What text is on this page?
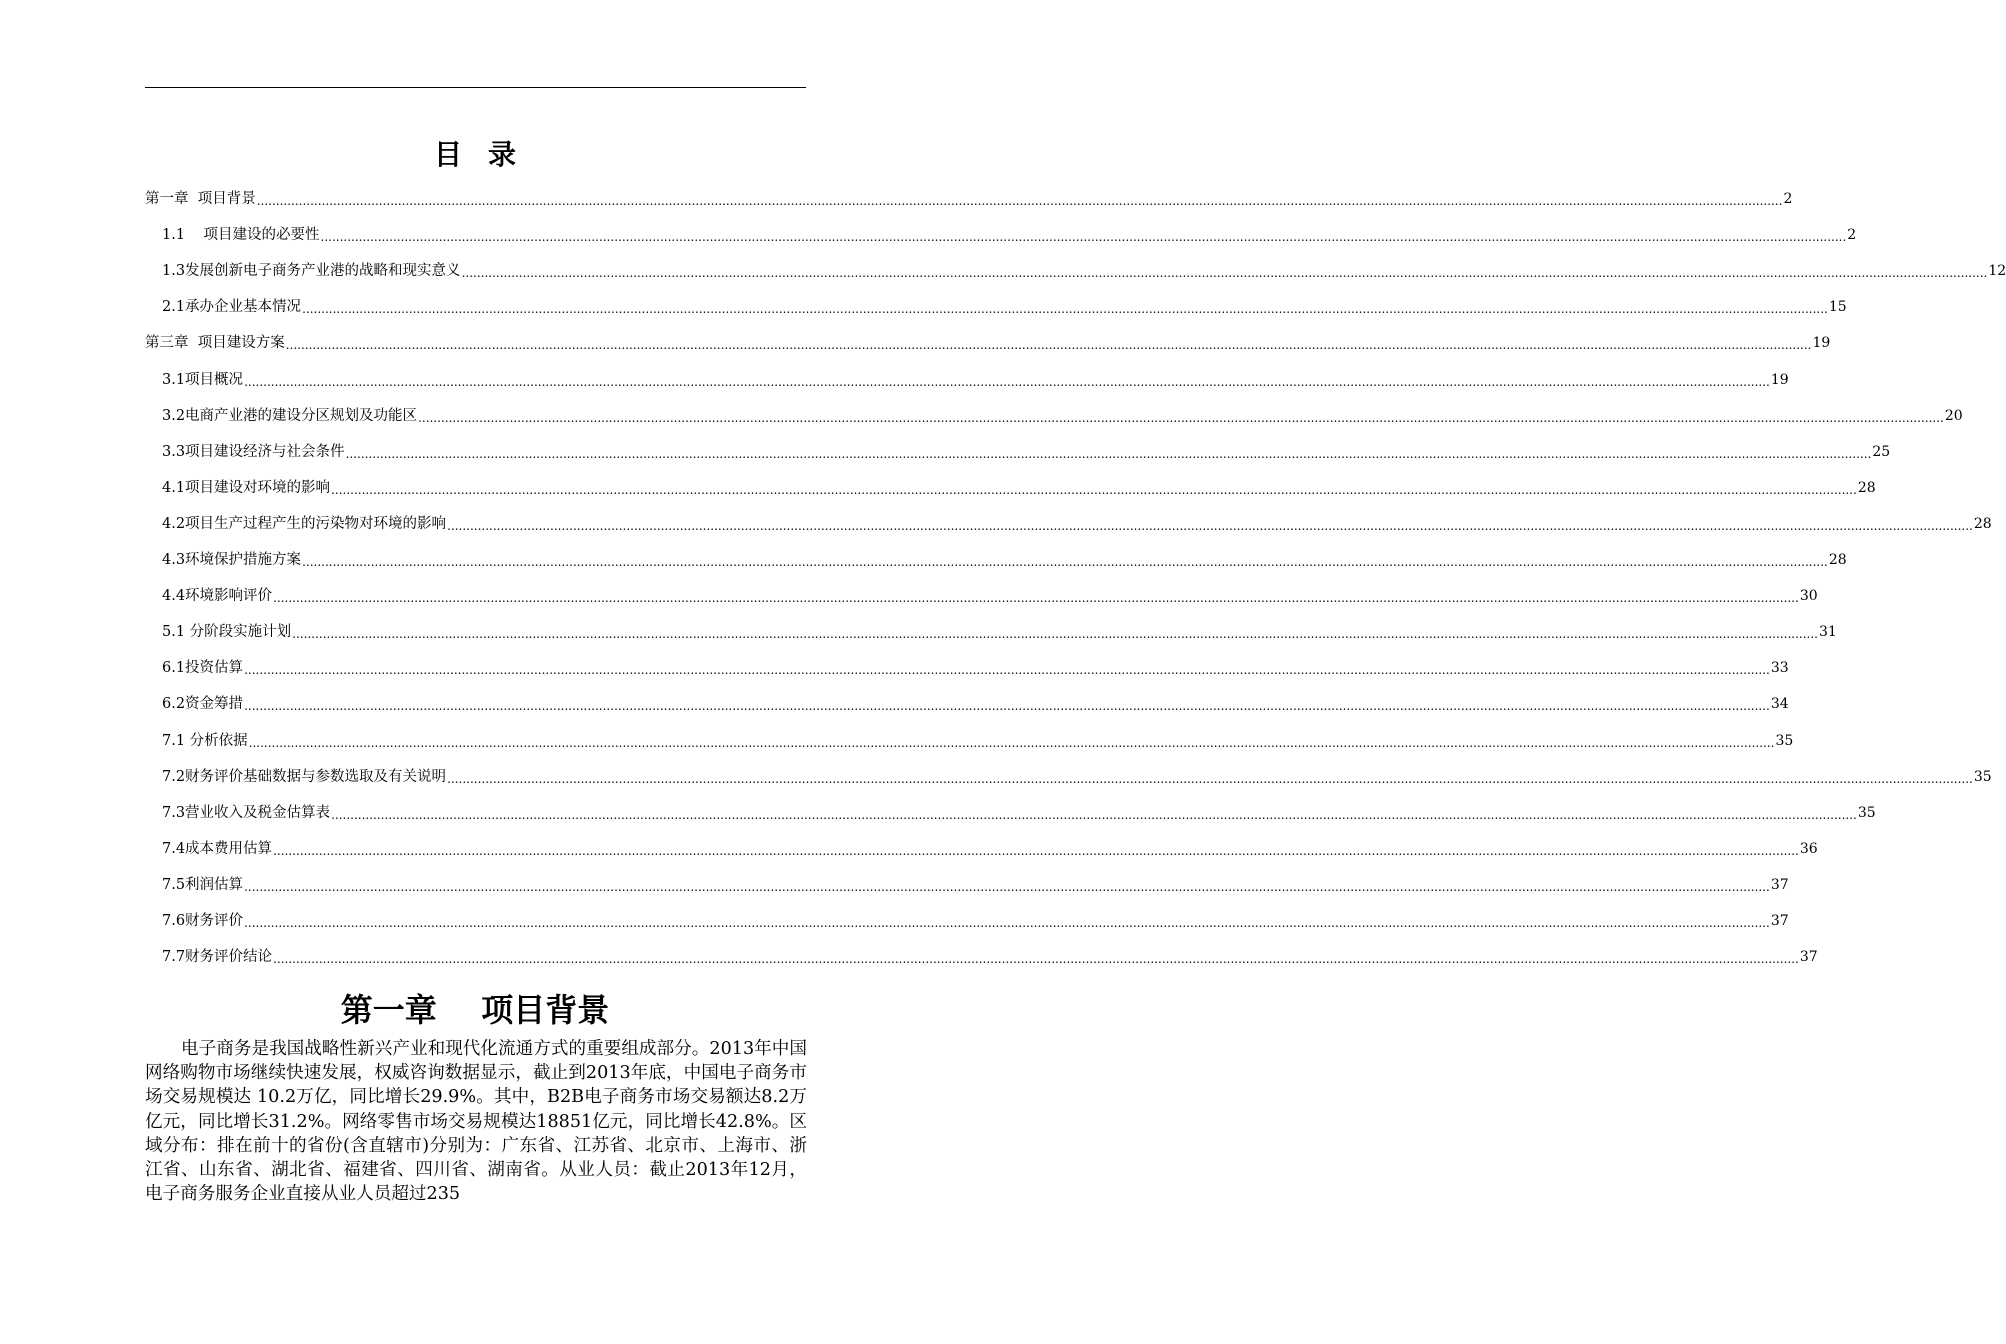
目录
第一章  项目背景 ................................................................................................................................................................................................................................................................................................................................................................................................................ 2
1.1    项目建设的必要性 ................................................................................................................................................................................................................................................................................................................................................................................................................ 2
1.3发展创新电子商务产业港的战略和现实意义 ................................................................................................................................................................................................................................................................................................................................................................................................................ 12
2.1承办企业基本情况 ................................................................................................................................................................................................................................................................................................................................................................................................................ 15
第三章  项目建设方案 ................................................................................................................................................................................................................................................................................................................................................................................................................ 19
3.1项目概况 ................................................................................................................................................................................................................................................................................................................................................................................................................ 19
3.2电商产业港的建设分区规划及功能区 ................................................................................................................................................................................................................................................................................................................................................................................................................ 20
3.3项目建设经济与社会条件 ................................................................................................................................................................................................................................................................................................................................................................................................................ 25
4.1项目建设对环境的影响 ................................................................................................................................................................................................................................................................................................................................................................................................................ 28
4.2项目生产过程产生的污染物对环境的影响 ................................................................................................................................................................................................................................................................................................................................................................................................................ 28
4.3环境保护措施方案 ................................................................................................................................................................................................................................................................................................................................................................................................................ 28
4.4环境影响评价 ................................................................................................................................................................................................................................................................................................................................................................................................................ 30
5.1 分阶段实施计划 ................................................................................................................................................................................................................................................................................................................................................................................................................ 31
6.1投资估算 ................................................................................................................................................................................................................................................................................................................................................................................................................ 33
6.2资金筹措 ................................................................................................................................................................................................................................................................................................................................................................................................................ 34
7.1 分析依据 ................................................................................................................................................................................................................................................................................................................................................................................................................ 35
7.2财务评价基础数据与参数选取及有关说明 ................................................................................................................................................................................................................................................................................................................................................................................................................ 35
7.3营业收入及税金估算表 ................................................................................................................................................................................................................................................................................................................................................................................................................ 35
7.4成本费用估算 ................................................................................................................................................................................................................................................................................................................................................................................................................ 36
7.5利润估算 ................................................................................................................................................................................................................................................................................................................................................................................................................ 37
7.6财务评价 ................................................................................................................................................................................................................................................................................................................................................................................................................ 37
7.7财务评价结论 ................................................................................................................................................................................................................................................................................................................................................................................................................ 37
第一章    项目背景

电子商务是我国战略性新兴产业和现代化流通方式的重要组成部分。2013年中国网络购物市场继续快速发展，权威咨询数据显示，截止到2013年底，中国电子商务市场交易规模达 10.2万亿，同比增长29.9%。其中，B2B电子商务市场交易额达8.2万亿元，同比增长31.2%。网络零售市场交易规模达18851亿元，同比增长42.8%。区域分布：排在前十的省份(含直辖市)分别为：广东省、江苏省、北京市、上海市、浙江省、山东省、湖北省、福建省、四川省、湖南省。从业人员：截止2013年12月，电子商务服务企业直接从业人员超过235
